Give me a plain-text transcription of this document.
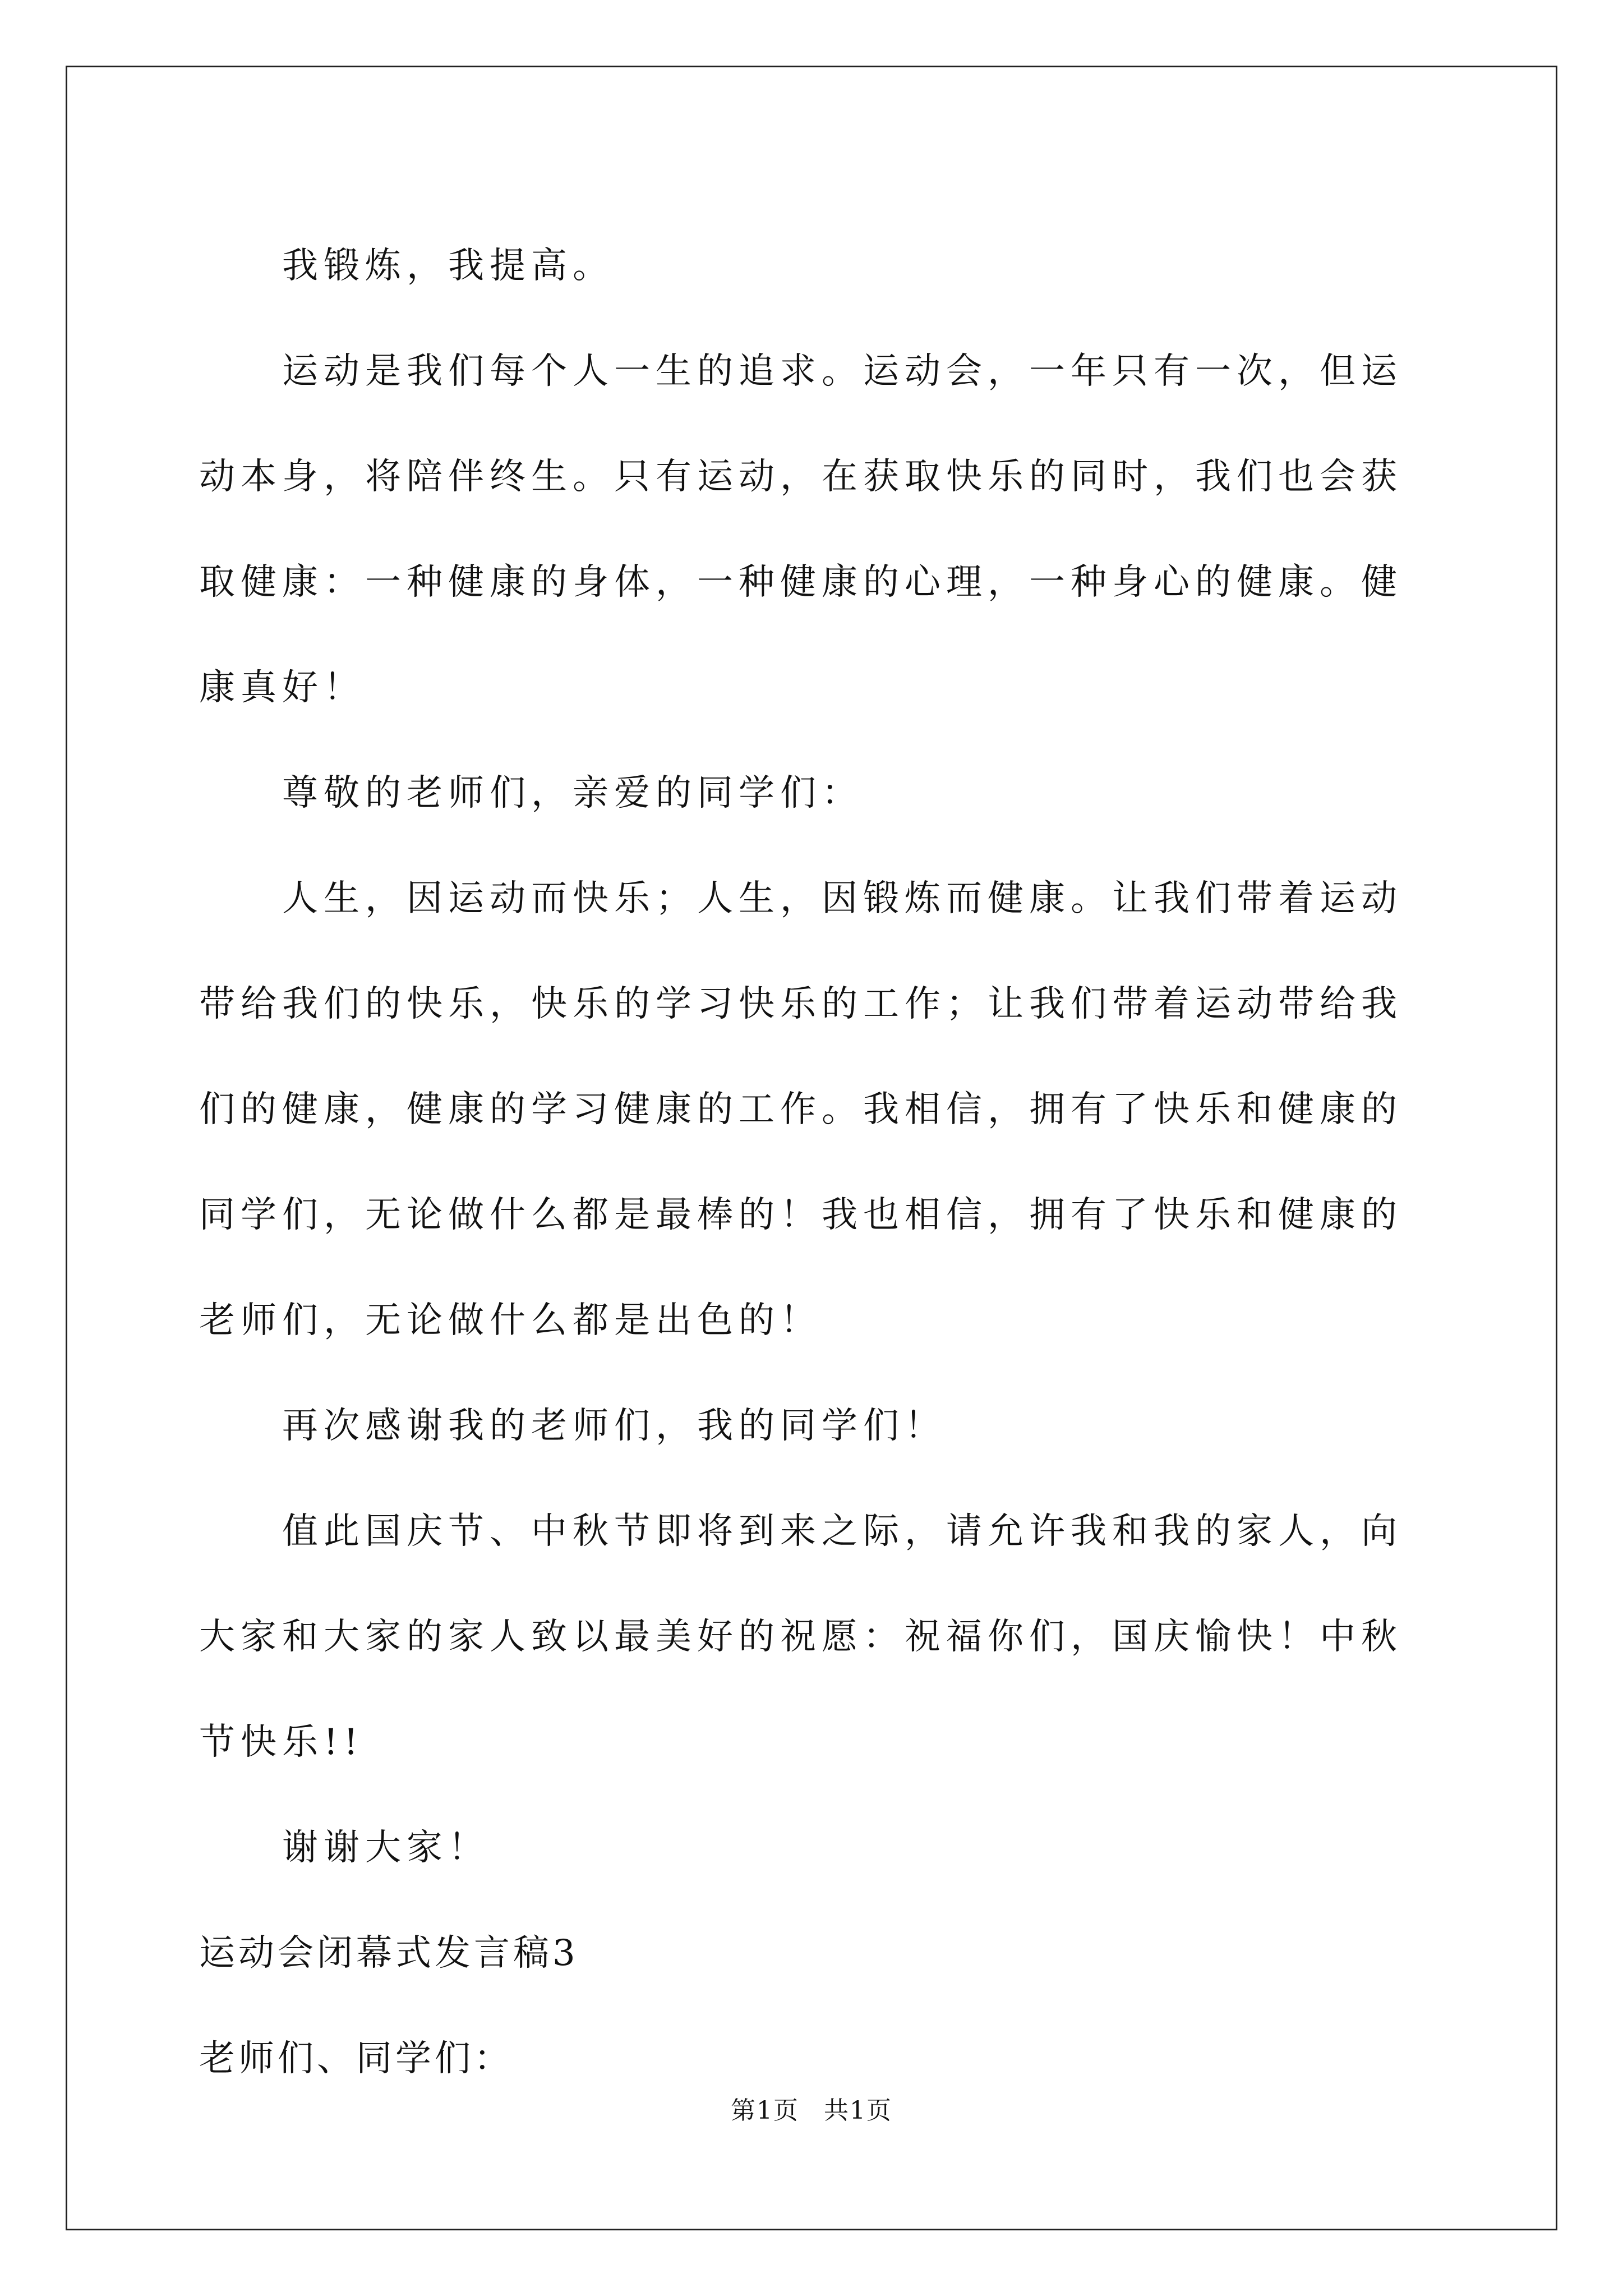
我锻炼，我提高。

运动是我们每个人一生的追求。运动会，一年只有一次，但运动本身，将陪伴终生。只有运动，在获取快乐的同时，我们也会获取健康：一种健康的身体，一种健康的心理，一种身心的健康。健康真好！

尊敬的老师们，亲爱的同学们：

人生，因运动而快乐；人生，因锻炼而健康。让我们带着运动带给我们的快乐，快乐的学习快乐的工作；让我们带着运动带给我们的健康，健康的学习健康的工作。我相信，拥有了快乐和健康的同学们，无论做什么都是最棒的！我也相信，拥有了快乐和健康的老师们，无论做什么都是出色的！

再次感谢我的老师们，我的同学们！

值此国庆节、中秋节即将到来之际，请允许我和我的家人，向大家和大家的家人致以最美好的祝愿：祝福你们，国庆愉快！中秋节快乐!!

谢谢大家！

运动会闭幕式发言稿3

老师们、同学们：

第1页 共1页
